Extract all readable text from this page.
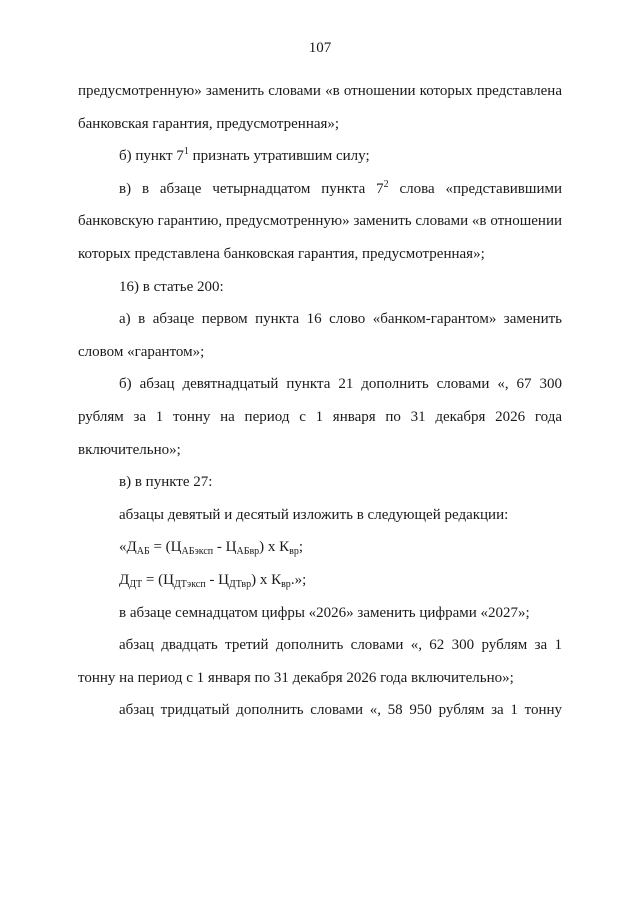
107

предусмотренную» заменить словами «в отношении которых представлена банковская гарантия, предусмотренная»;

б) пункт $7^1$ признать утратившим силу;

в) в абзаце четырнадцатом пункта $7^2$ слова «представившими банковскую гарантию, предусмотренную» заменить словами «в отношении которых представлена банковская гарантия, предусмотренная»;

16) в статье 200:

а) в абзаце первом пункта 16 слово «банком-гарантом» заменить словом «гарантом»;

б) абзац девятнадцатый пункта 21 дополнить словами «, 67 300 рублям за 1 тонну на период с 1 января по 31 декабря 2026 года включительно»;

в) в пункте 27:

абзацы девятый и десятый изложить в следующей редакции:

«$Д_{АБ} = (Ц_{АБэксп} - Ц_{АБвр})$ х $К_{вр}$;

$Д_{ДТ} = (Ц_{ДТэксп} - Ц_{ДТвр})$ х $К_{вр}$.»;

в абзаце семнадцатом цифры «2026» заменить цифрами «2027»;

абзац двадцать третий дополнить словами «, 62 300 рублям за 1 тонну на период с 1 января по 31 декабря 2026 года включительно»;

абзац тридцатый дополнить словами «, 58 950 рублям за 1 тонну
